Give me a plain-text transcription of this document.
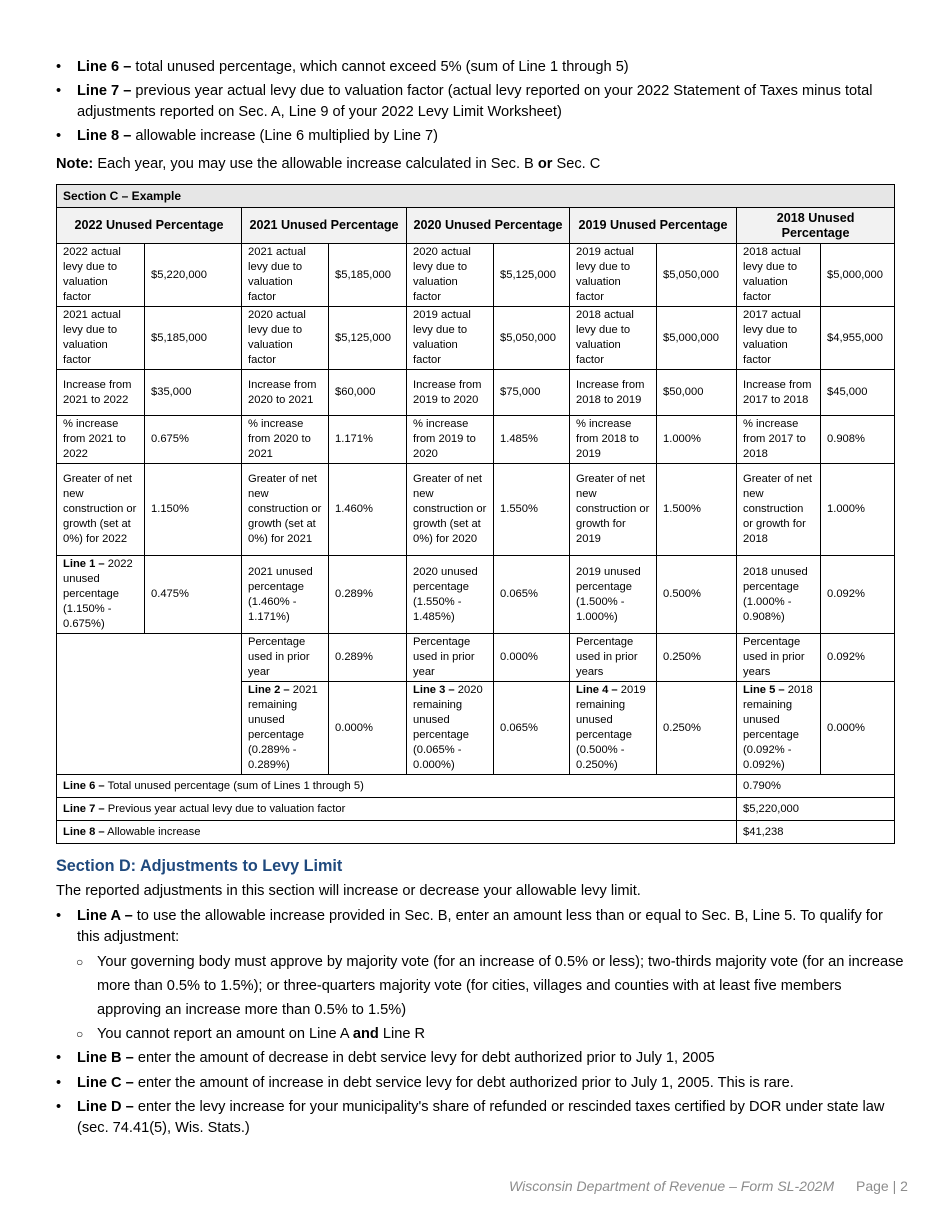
•	Line 6 – total unused percentage, which cannot exceed 5% (sum of Line 1 through 5)
•	Line 7 – previous year actual levy due to valuation factor (actual levy reported on your 2022 Statement of Taxes minus total adjustments reported on Sec. A, Line 9 of your 2022 Levy Limit Worksheet)
•	Line 8 – allowable increase (Line 6 multiplied by Line 7)
Note: Each year, you may use the allowable increase calculated in Sec. B or Sec. C
Section C – Example									
2022 Unused Percentage		2021 Unused Percentage		2020 Unused Percentage		2019 Unused Percentage		2018 Unused Percentage	
2022 actual levy due to valuation factor	$5,220,000	2021 actual levy due to valuation factor	$5,185,000	2020 actual levy due to valuation factor	$5,125,000	2019 actual levy due to valuation factor	$5,050,000	2018 actual levy due to valuation factor	$5,000,000
2021 actual levy due to valuation factor	$5,185,000	2020 actual levy due to valuation factor	$5,125,000	2019 actual levy due to valuation factor	$5,050,000	2018 actual levy due to valuation factor	$5,000,000	2017 actual levy due to valuation factor	$4,955,000
Increase from 2021 to 2022	$35,000	Increase from 2020 to 2021	$60,000	Increase from 2019 to 2020	$75,000	Increase from 2018 to 2019	$50,000	Increase from 2017 to 2018	$45,000
% increase from 2021 to 2022	0.675%	% increase from 2020 to 2021	1.171%	% increase from 2019 to 2020	1.485%	% increase from 2018 to 2019	1.000%	% increase from 2017 to 2018	0.908%
Greater of net new construction or growth (set at 0%) for 2022	1.150%	Greater of net new construction or growth (set at 0%) for 2021	1.460%	Greater of net new construction or growth (set at 0%) for 2020	1.550%	Greater of net new construction or growth for 2019	1.500%	Greater of net new construction or growth for 2018	1.000%
Line 1 – 2022 unused percentage (1.150% - 0.675%)	0.475%	2021 unused percentage (1.460% - 1.171%)	0.289%	2020 unused percentage (1.550% - 1.485%)	0.065%	2019 unused percentage (1.500% - 1.000%)	0.500%	2018 unused percentage (1.000% - 0.908%)	0.092%
		Percentage used in prior year	0.289%	Percentage used in prior year	0.000%	Percentage used in prior years	0.250%	Percentage used in prior years	0.092%
		Line 2 – 2021 remaining unused percentage (0.289% - 0.289%)	0.000%	Line 3 – 2020 remaining unused percentage (0.065% - 0.000%)	0.065%	Line 4 – 2019 remaining unused percentage (0.500% - 0.250%)	0.250%	Line 5 – 2018 remaining unused percentage (0.092% - 0.092%)	0.000%
Line 6 – Total unused percentage (sum of Lines 1 through 5)								0.790%	
Line 7 – Previous year actual levy due to valuation factor								$5,220,000	
Line 8 – Allowable increase								$41,238	
Section D: Adjustments to Levy Limit
The reported adjustments in this section will increase or decrease your allowable levy limit.
•	Line A – to use the allowable increase provided in Sec. B, enter an amount less than or equal to Sec. B, Line 5. To qualify for this adjustment:
○ Your governing body must approve by majority vote (for an increase of 0.5% or less); two-thirds majority vote (for an increase more than 0.5% to 1.5%); or three-quarters majority vote (for cities, villages and counties with at least five members approving an increase more than 0.5% to 1.5%)
○ You cannot report an amount on Line A and Line R
•	Line B – enter the amount of decrease in debt service levy for debt authorized prior to July 1, 2005
•	Line C – enter the amount of increase in debt service levy for debt authorized prior to July 1, 2005. This is rare.
•	Line D – enter the levy increase for your municipality's share of refunded or rescinded taxes certified by DOR under state law (sec. 74.41(5), Wis. Stats.)
Wisconsin Department of Revenue – Form SL-202M Page | 2
